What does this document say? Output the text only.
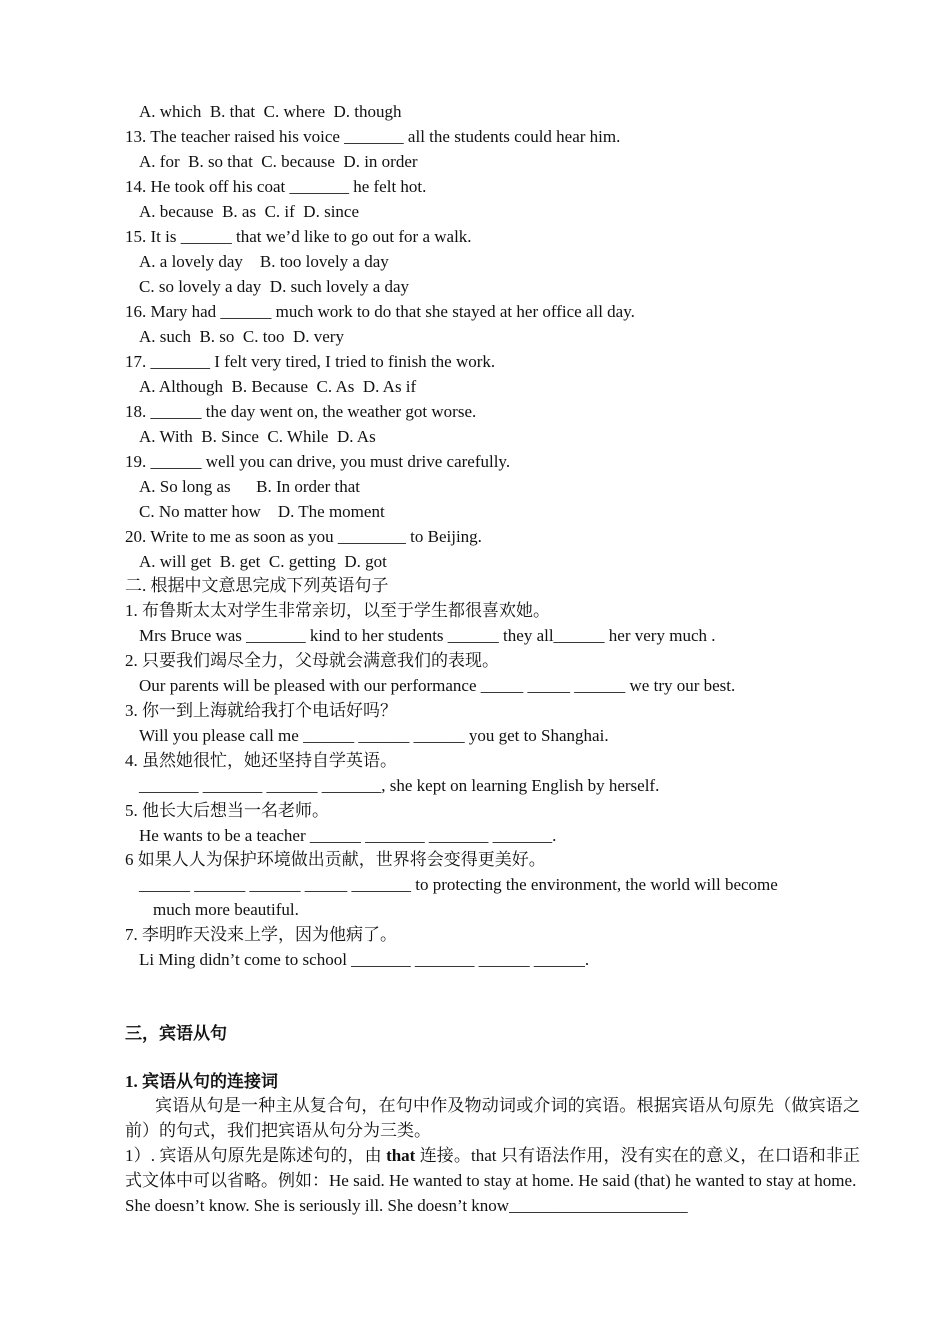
A. which  B. that  C. where  D. though
13. The teacher raised his voice _______ all the students could hear him.
A. for  B. so that  C. because  D. in order
14. He took off his coat _______ he felt hot.
A. because  B. as  C. if  D. since
15. It is ______ that we’d like to go out for a walk.
A. a lovely day    B. too lovely a day
C. so lovely a day  D. such lovely a day
16. Mary had ______ much work to do that she stayed at her office all day.
A. such  B. so  C. too  D. very
17. _______ I felt very tired, I tried to finish the work.
A. Although  B. Because  C. As  D. As if
18. ______ the day went on, the weather got worse.
A. With  B. Since  C. While  D. As
19. ______ well you can drive, you must drive carefully.
A. So long as      B. In order that
C. No matter how    D. The moment
20. Write to me as soon as you ________ to Beijing.
A. will get  B. get  C. getting  D. got
二. 根据中文意思完成下列英语句子
1. 布鲁斯太太对学生非常亲切，以至于学生都很喜欢她。
Mrs Bruce was _______ kind to her students ______ they all______ her very much .
2. 只要我们竭尽全力，父母就会满意我们的表现。
Our parents will be pleased with our performance _____ _____ ______ we try our best.
3. 你一到上海就给我打个电话好吗？
Will you please call me ______ ______ ______ you get to Shanghai.
4. 虽然她很忙，她还坚持自学英语。
_______ _______ ______ _______, she kept on learning English by herself.
5. 他长大后想当一名老师。
He wants to be a teacher ______ _______ _______ _______.
6 如果人人为保护环境做出贡献，世界将会变得更美好。
______ ______ ______ _____ _______ to protecting the environment, the world will become
much more beautiful.
7. 李明昨天没来上学，因为他病了。
Li Ming didn’t come to school _______ _______ ______ ______.
三，宾语从句
1. 宾语从句的连接词

宾语从句是一种主从复合句，在句中作及物动词或介词的宾语。根据宾语从句原先（做宾语之前）的句式，我们把宾语从句分为三类。

1）. 宾语从句原先是陈述句的，由 that 连接。that 只有语法作用，没有实在的意义，在口语和非正式文体中可以省略。例如：He said. He wanted to stay at home. He said (that) he wanted to stay at home.

She doesn’t know. She is seriously ill. She doesn’t know_____________________
